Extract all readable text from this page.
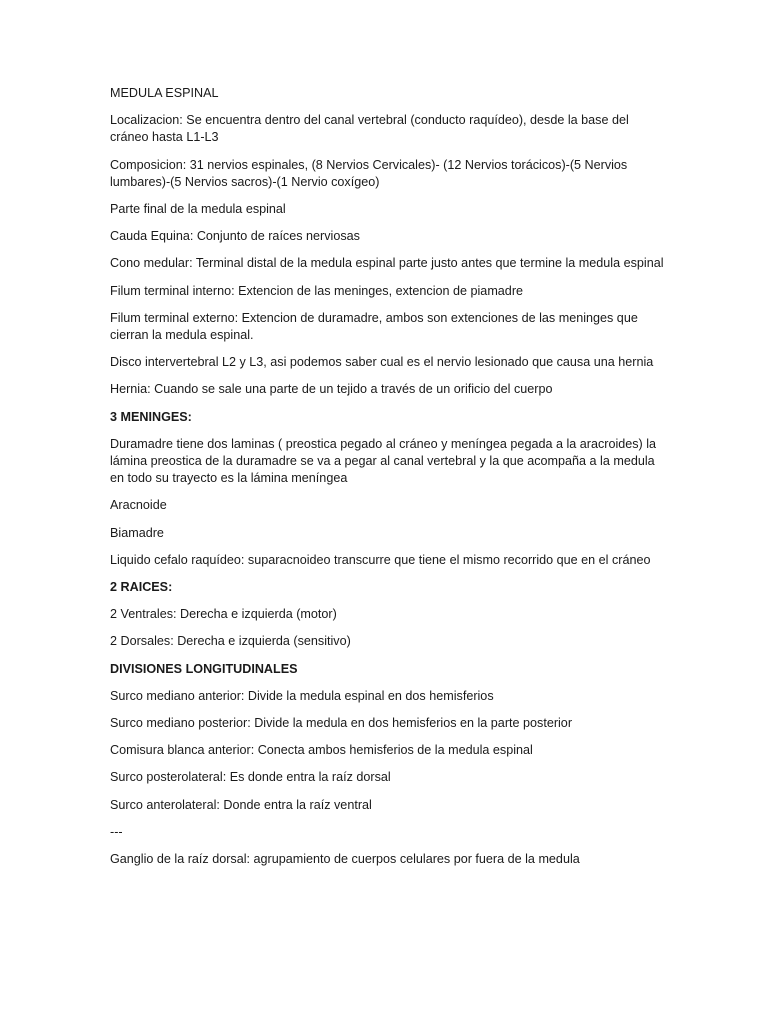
MEDULA ESPINAL

Localizacion: Se encuentra dentro del canal vertebral (conducto raquídeo), desde la base del cráneo hasta L1-L3

Composicion: 31 nervios espinales, (8 Nervios Cervicales)- (12 Nervios torácicos)-(5 Nervios lumbares)-(5 Nervios sacros)-(1 Nervio coxígeo)

Parte final de la medula espinal

Cauda Equina: Conjunto de raíces nerviosas

Cono medular: Terminal distal de la medula espinal parte justo antes que termine la medula espinal

Filum terminal interno: Extencion de las meninges, extencion de piamadre

Filum terminal externo: Extencion de duramadre, ambos son extenciones de las meninges que cierran la medula espinal.

Disco intervertebral L2 y L3, asi podemos saber cual es el nervio lesionado que causa una hernia

Hernia: Cuando se sale una parte de un tejido a través de un orificio del cuerpo

3 MENINGES:

Duramadre tiene dos laminas ( preostica pegado al cráneo y meníngea pegada a la aracroides) la lámina preostica de la duramadre se va a pegar al canal vertebral y la que acompaña a la medula en todo su trayecto es la lámina meníngea

Aracnoide

Biamadre

Liquido cefalo raquídeo: suparacnoideo transcurre que tiene el mismo recorrido que en el cráneo

2 RAICES:

2 Ventrales: Derecha e izquierda (motor)

2 Dorsales: Derecha e izquierda (sensitivo)

DIVISIONES LONGITUDINALES

Surco mediano anterior: Divide la medula espinal en dos hemisferios

Surco mediano posterior: Divide la medula en dos hemisferios en la parte posterior

Comisura blanca anterior: Conecta ambos hemisferios de la medula espinal

Surco posterolateral: Es donde entra la raíz dorsal

Surco anterolateral: Donde entra la raíz ventral

---

Ganglio de la raíz dorsal: agrupamiento de cuerpos celulares por fuera de la medula
